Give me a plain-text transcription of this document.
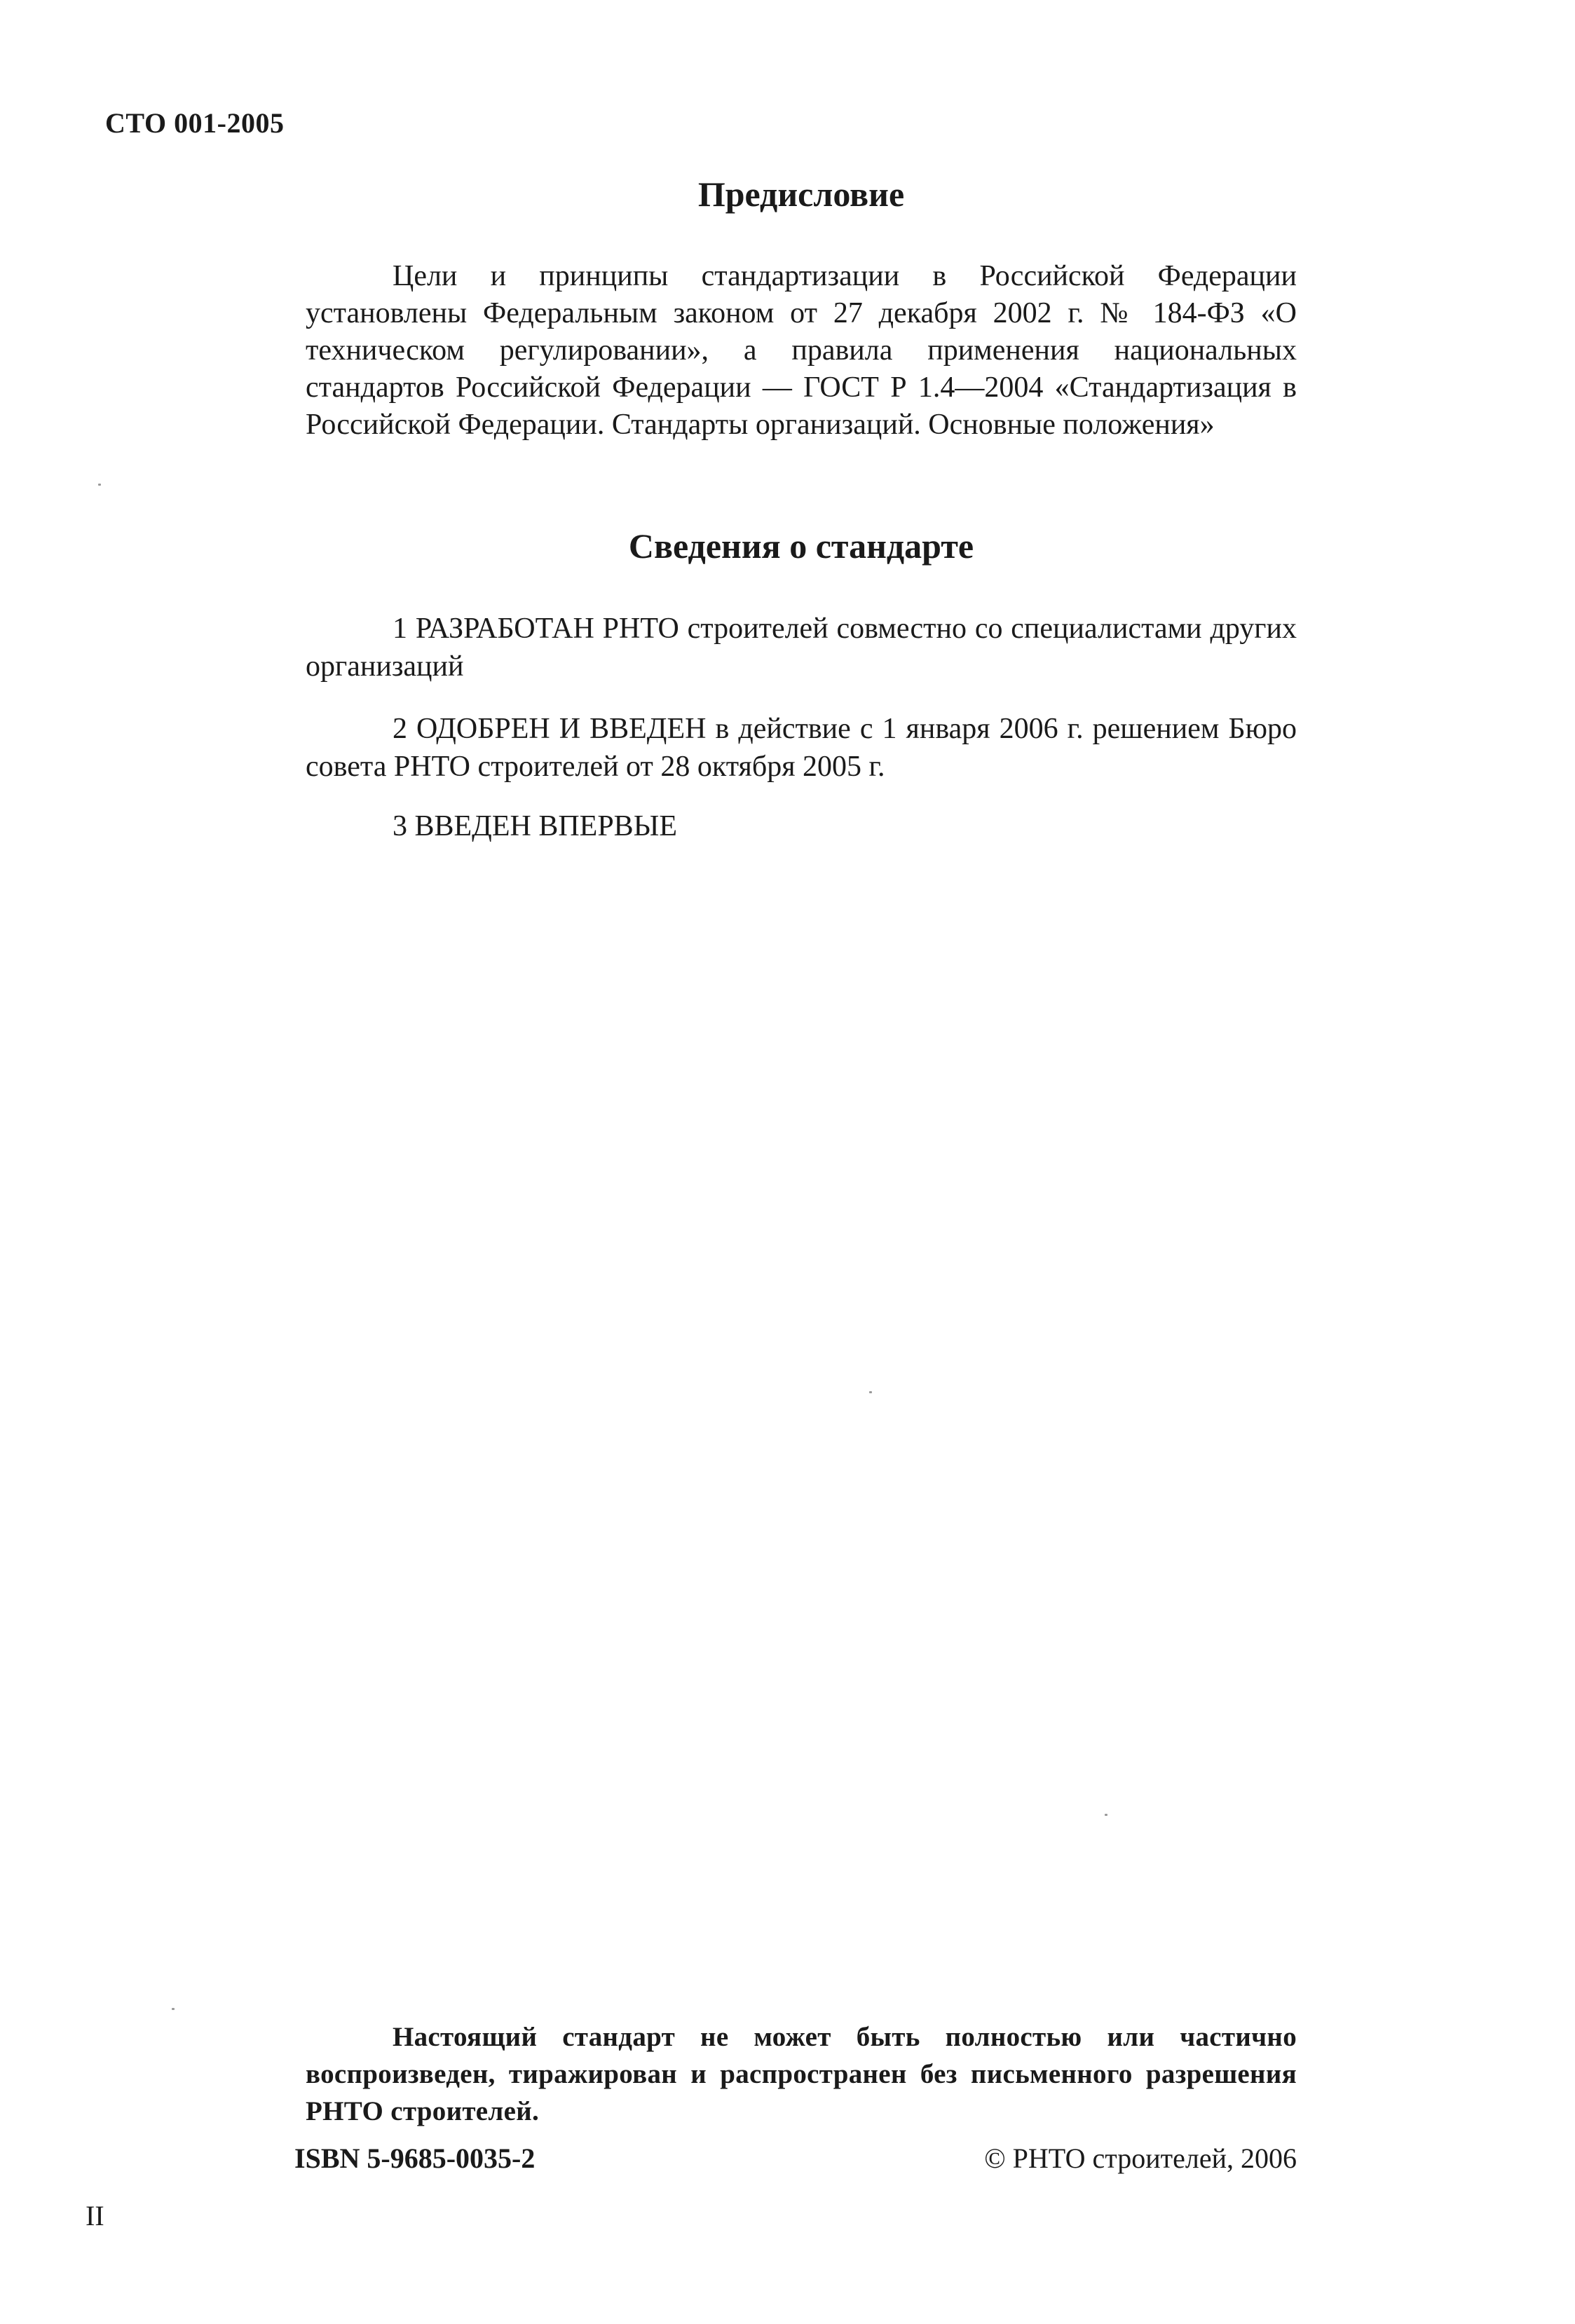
СТО 001-2005
Предисловие
Цели и принципы стандартизации в Российской Федерации установлены Федеральным законом от 27 декабря 2002 г. № 184-ФЗ «О техническом регулировании», а правила применения национальных стандартов Российской Федерации — ГОСТ Р 1.4—2004 «Стандартизация в Российской Федерации. Стандарты организаций. Основные положения»
Сведения о стандарте
1 РАЗРАБОТАН РНТО строителей совместно со специалистами других организаций
2 ОДОБРЕН И ВВЕДЕН в действие с 1 января 2006 г. решением Бюро совета РНТО строителей от 28 октября 2005 г.
3 ВВЕДЕН ВПЕРВЫЕ
Настоящий стандарт не может быть полностью или частично воспроизведен, тиражирован и распространен без письменного разрешения РНТО строителей.
ISBN 5-9685-0035-2	© РНТО строителей, 2006
II
